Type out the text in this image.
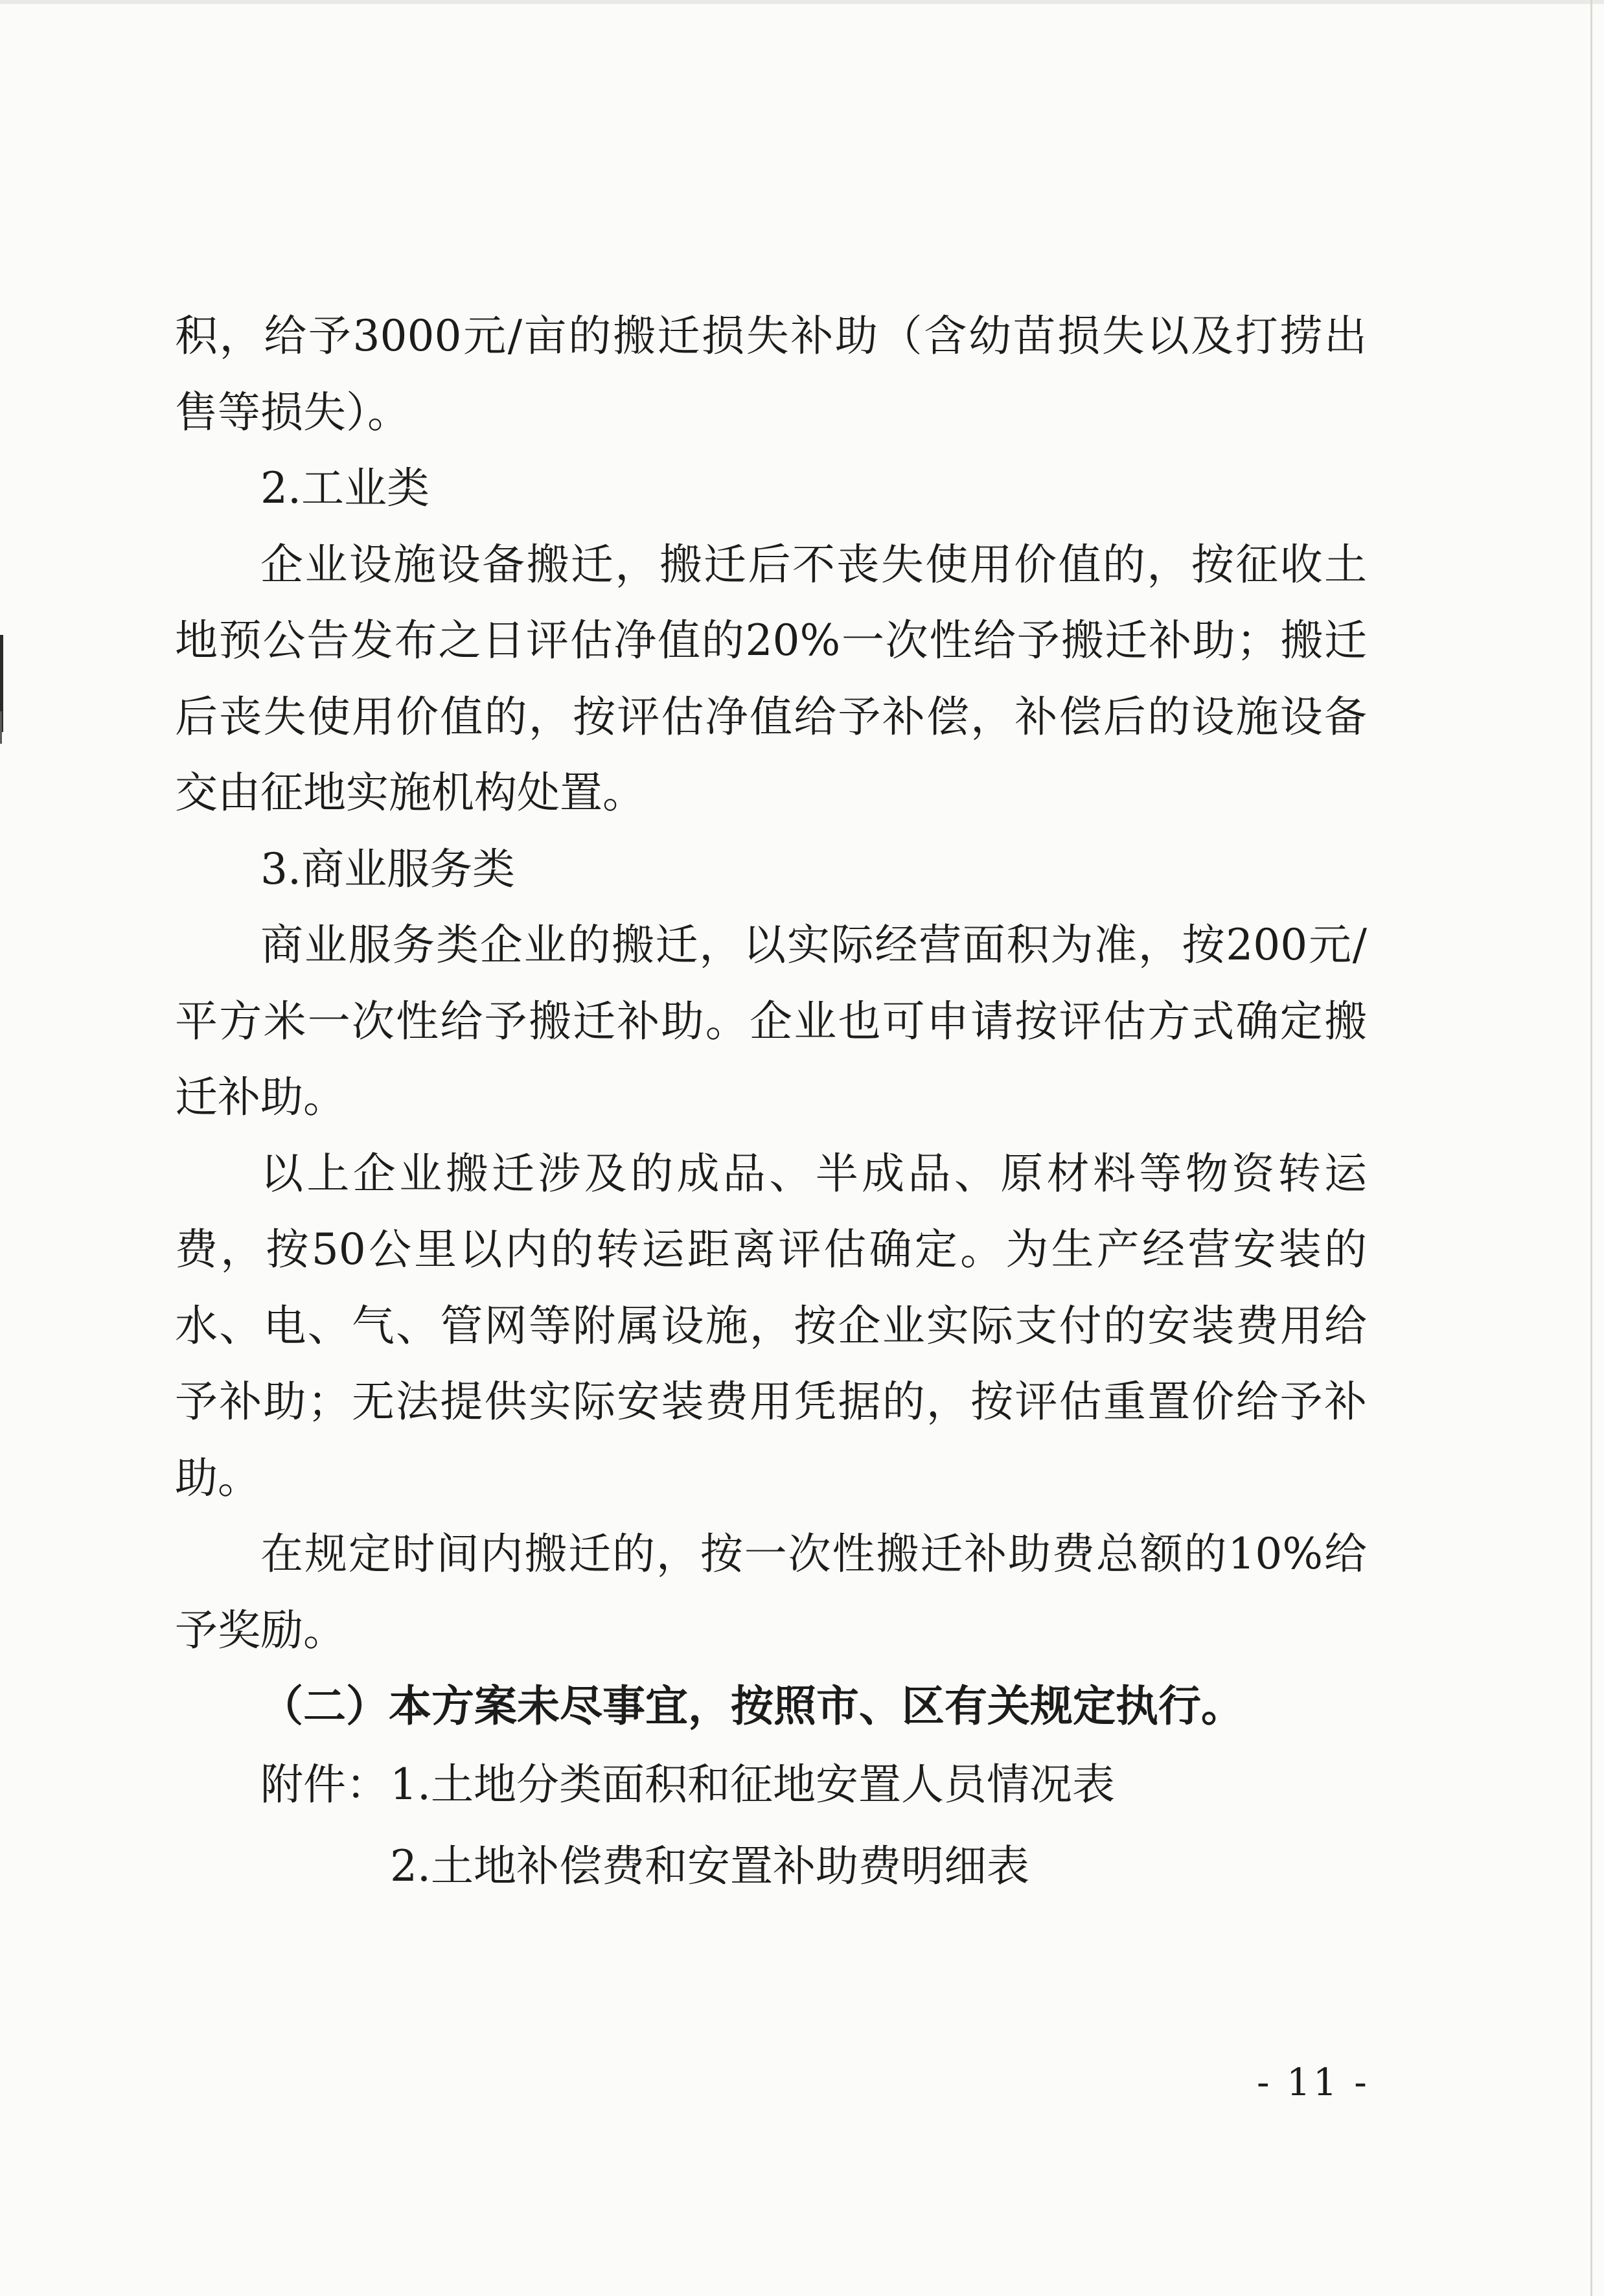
积，给予3000元/亩的搬迁损失补助（含幼苗损失以及打捞出售等损失）。

2.工业类

企业设施设备搬迁，搬迁后不丧失使用价值的，按征收土地预公告发布之日评估净值的20%一次性给予搬迁补助；搬迁后丧失使用价值的，按评估净值给予补偿，补偿后的设施设备交由征地实施机构处置。

3.商业服务类

商业服务类企业的搬迁，以实际经营面积为准，按200元/平方米一次性给予搬迁补助。企业也可申请按评估方式确定搬迁补助。

以上企业搬迁涉及的成品、半成品、原材料等物资转运费，按50公里以内的转运距离评估确定。为生产经营安装的水、电、气、管网等附属设施，按企业实际支付的安装费用给予补助；无法提供实际安装费用凭据的，按评估重置价给予补助。

在规定时间内搬迁的，按一次性搬迁补助费总额的10%给予奖励。

（二）本方案未尽事宜，按照市、区有关规定执行。

附件： 1.土地分类面积和征地安置人员情况表
2.土地补偿费和安置补助费明细表
- 11 -
